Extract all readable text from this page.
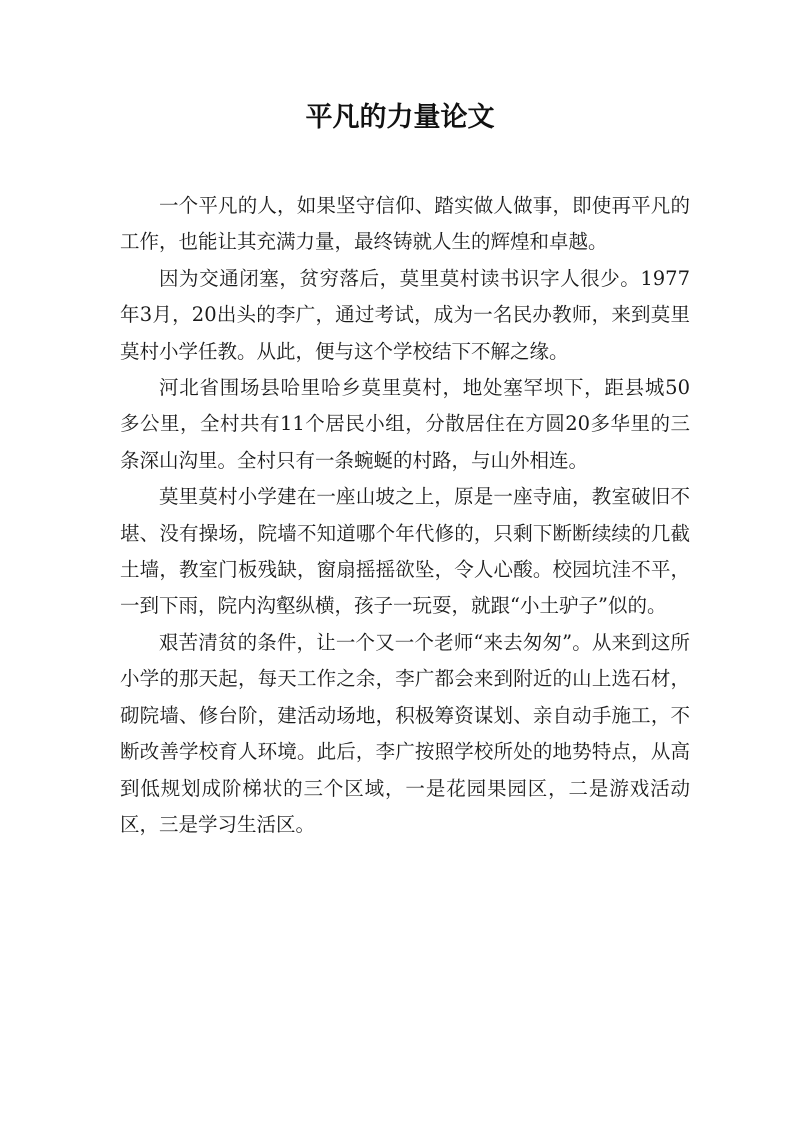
平凡的力量论文

一个平凡的人，如果坚守信仰、踏实做人做事，即使再平凡的工作，也能让其充满力量，最终铸就人生的辉煌和卓越。

因为交通闭塞，贫穷落后，莫里莫村读书识字人很少。1977年3月，20出头的李广，通过考试，成为一名民办教师，来到莫里莫村小学任教。从此，便与这个学校结下不解之缘。

河北省围场县哈里哈乡莫里莫村，地处塞罕坝下，距县城50多公里，全村共有11个居民小组，分散居住在方圆20多华里的三条深山沟里。全村只有一条蜿蜒的村路，与山外相连。

莫里莫村小学建在一座山坡之上，原是一座寺庙，教室破旧不堪、没有操场，院墙不知道哪个年代修的，只剩下断断续续的几截土墙，教室门板残缺，窗扇摇摇欲坠，令人心酸。校园坑洼不平，一到下雨，院内沟壑纵横，孩子一玩耍，就跟“小土驴子”似的。

艰苦清贫的条件，让一个又一个老师“来去匆匆”。从来到这所小学的那天起，每天工作之余，李广都会来到附近的山上选石材，砌院墙、修台阶，建活动场地，积极筹资谋划、亲自动手施工，不断改善学校育人环境。此后，李广按照学校所处的地势特点，从高到低规划成阶梯状的三个区域，一是花园果园区，二是游戏活动区，三是学习生活区。
